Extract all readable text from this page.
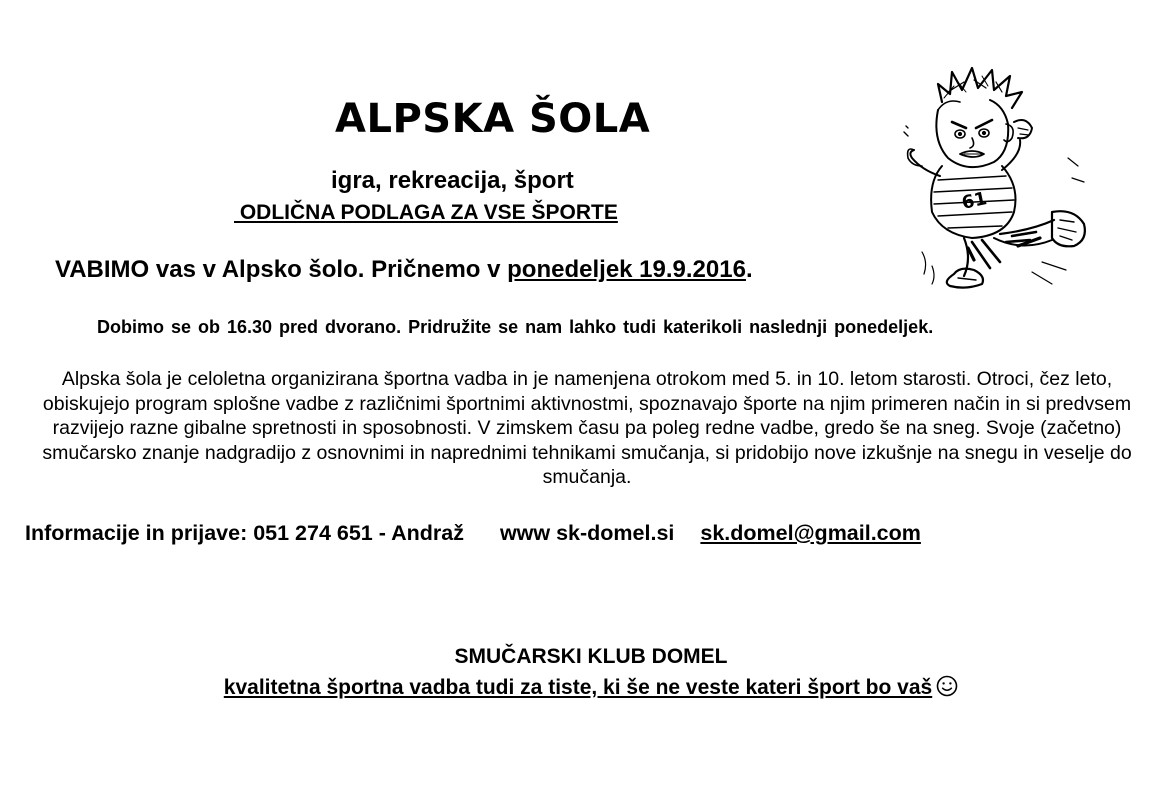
ALPSKA ŠOLA
igra, rekreacija, šport
ODLIČNA PODLAGA ZA VSE ŠPORTE
VABIMO vas v Alpsko šolo. Pričnemo v ponedeljek 19.9.2016.
Dobimo se ob 16.30 pred dvorano. Pridružite se nam lahko tudi katerikoli naslednji ponedeljek.
Alpska šola je celoletna organizirana športna vadba in je namenjena otrokom med 5. in 10. letom starosti. Otroci, čez leto, obiskujejo program splošne vadbe z različnimi športnimi aktivnostmi, spoznavajo športe na njim primeren način in si predvsem razvijejo razne gibalne spretnosti in sposobnosti. V zimskem času pa poleg redne vadbe, gredo še na sneg. Svoje (začetno) smučarsko znanje nadgradijo z osnovnimi in naprednimi tehnikami smučanja, si pridobijo nove izkušnje na snegu in veselje do smučanja.
Informacije in prijave: 051 274 651 - Andraž www sk-domel.si sk.domel@gmail.com
SMUČARSKI KLUB DOMEL
kvalitetna športna vadba tudi za tiste, ki še ne veste kateri šport bo vaš
61
